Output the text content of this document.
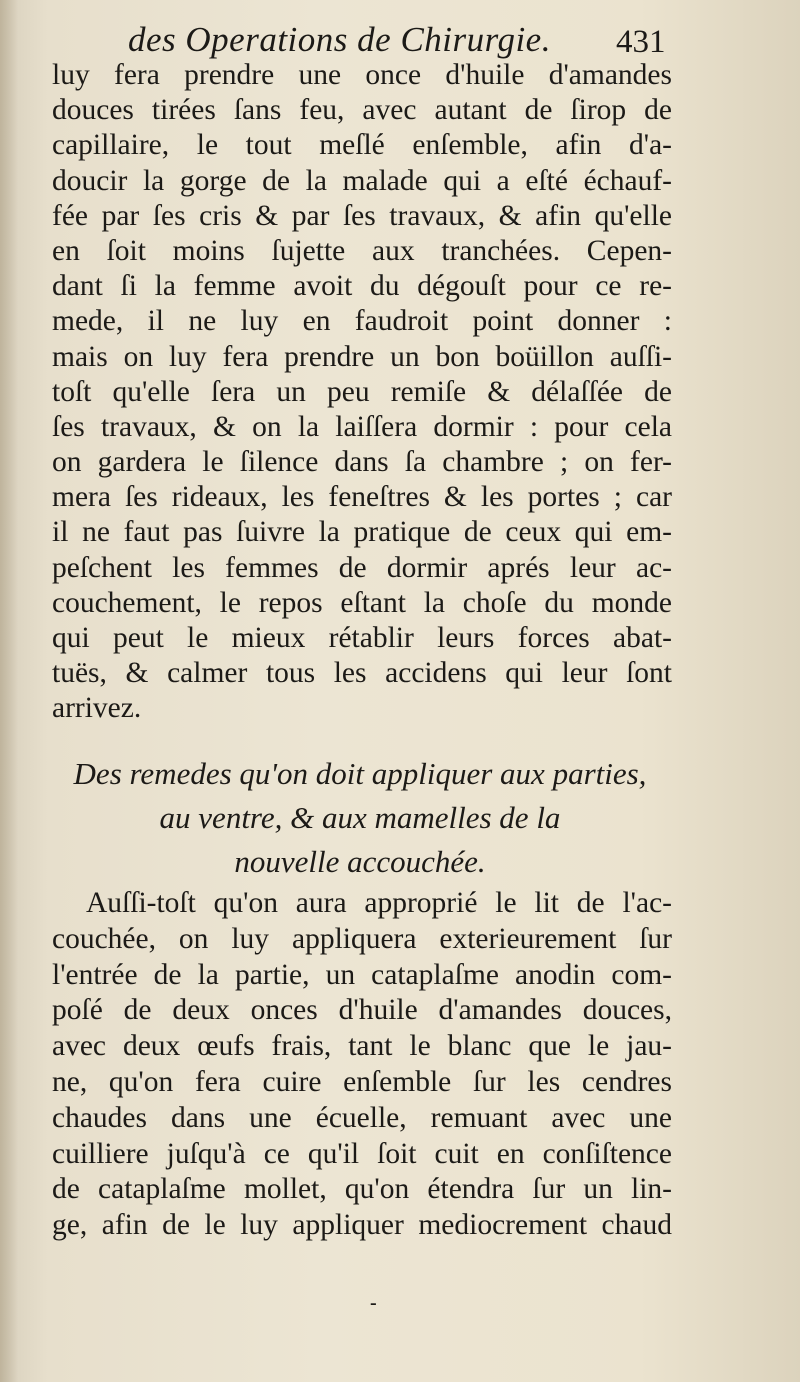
des Operations de Chirurgie. 431
luy fera prendre une once d'huile d'amandes
douces tirées ſans feu, avec autant de ſirop de
capillaire, le tout meſlé enſemble, afin d'a-
doucir la gorge de la malade qui a eſté échauf-
fée par ſes cris & par ſes travaux, & afin qu'elle
en ſoit moins ſujette aux tranchées. Cepen-
dant ſi la femme avoit du dégouſt pour ce re-
mede, il ne luy en faudroit point donner :
mais on luy fera prendre un bon boüillon auſſi-
toſt qu'elle ſera un peu remiſe & délaſſée de
ſes travaux, & on la laiſſera dormir : pour cela
on gardera le ſilence dans ſa chambre ; on fer-
mera ſes rideaux, les feneſtres & les portes ; car
il ne faut pas ſuivre la pratique de ceux qui em-
peſchent les femmes de dormir aprés leur ac-
couchement, le repos eſtant la choſe du monde
qui peut le mieux rétablir leurs forces abat-
tuës, & calmer tous les accidens qui leur ſont
arrivez.
Des remedes qu'on doit appliquer aux parties,
au ventre, & aux mamelles de la
nouvelle accouchée.
Auſſi-toſt qu'on aura approprié le lit de l'ac-
couchée, on luy appliquera exterieurement ſur
l'entrée de la partie, un cataplaſme anodin com-
poſé de deux onces d'huile d'amandes douces,
avec deux œufs frais, tant le blanc que le jau-
ne, qu'on fera cuire enſemble ſur les cendres
chaudes dans une écuelle, remuant avec une
cuilliere juſqu'à ce qu'il ſoit cuit en conſiſtence
de cataplaſme mollet, qu'on étendra ſur un lin-
ge, afin de le luy appliquer mediocrement chaud
-
